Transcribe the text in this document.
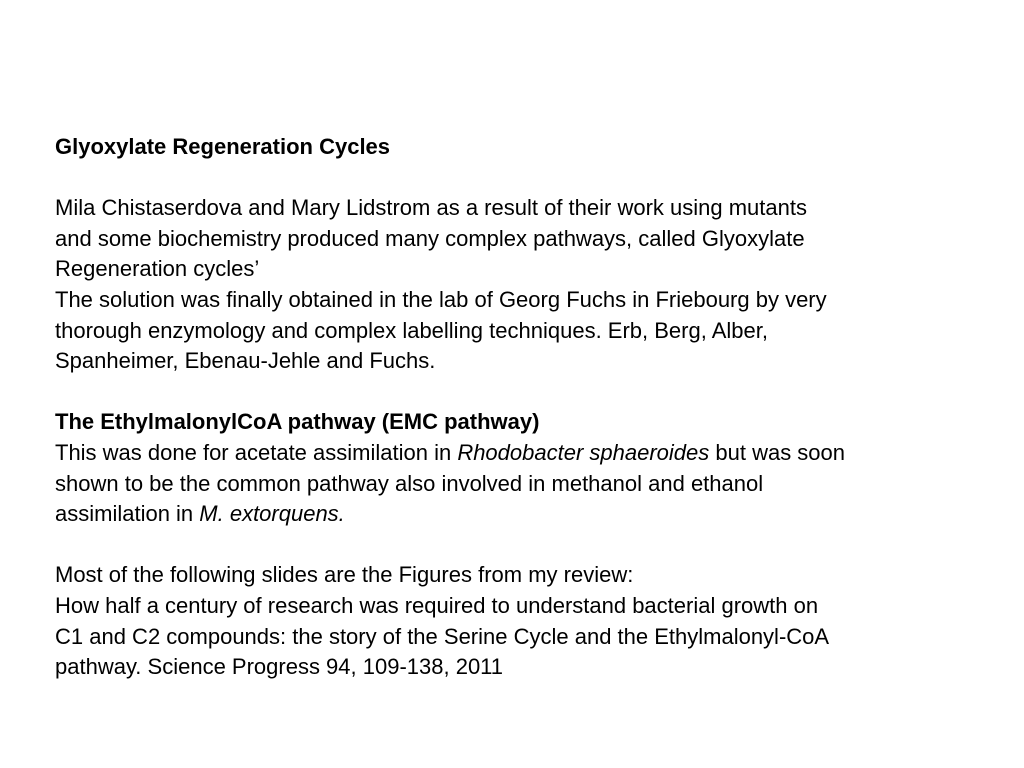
Glyoxylate Regeneration Cycles
Mila Chistaserdova and Mary Lidstrom as a result of their work using mutants
and some biochemistry produced many complex pathways, called Glyoxylate
Regeneration cycles’
The solution was finally obtained in the lab of Georg Fuchs in Friebourg by very
thorough enzymology and complex labelling techniques. Erb, Berg, Alber,
Spanheimer, Ebenau-Jehle and Fuchs.
The EthylmalonylCoA pathway (EMC pathway)
This was done for acetate assimilation in Rhodobacter sphaeroides but was soon
shown to be the common pathway also involved in methanol and ethanol
assimilation in M. extorquens.
Most of the following slides are the Figures from my review:
How half a century of research was required to understand bacterial growth on
C1 and C2 compounds: the story of the Serine Cycle and the Ethylmalonyl-CoA
pathway. Science Progress 94, 109-138, 2011
